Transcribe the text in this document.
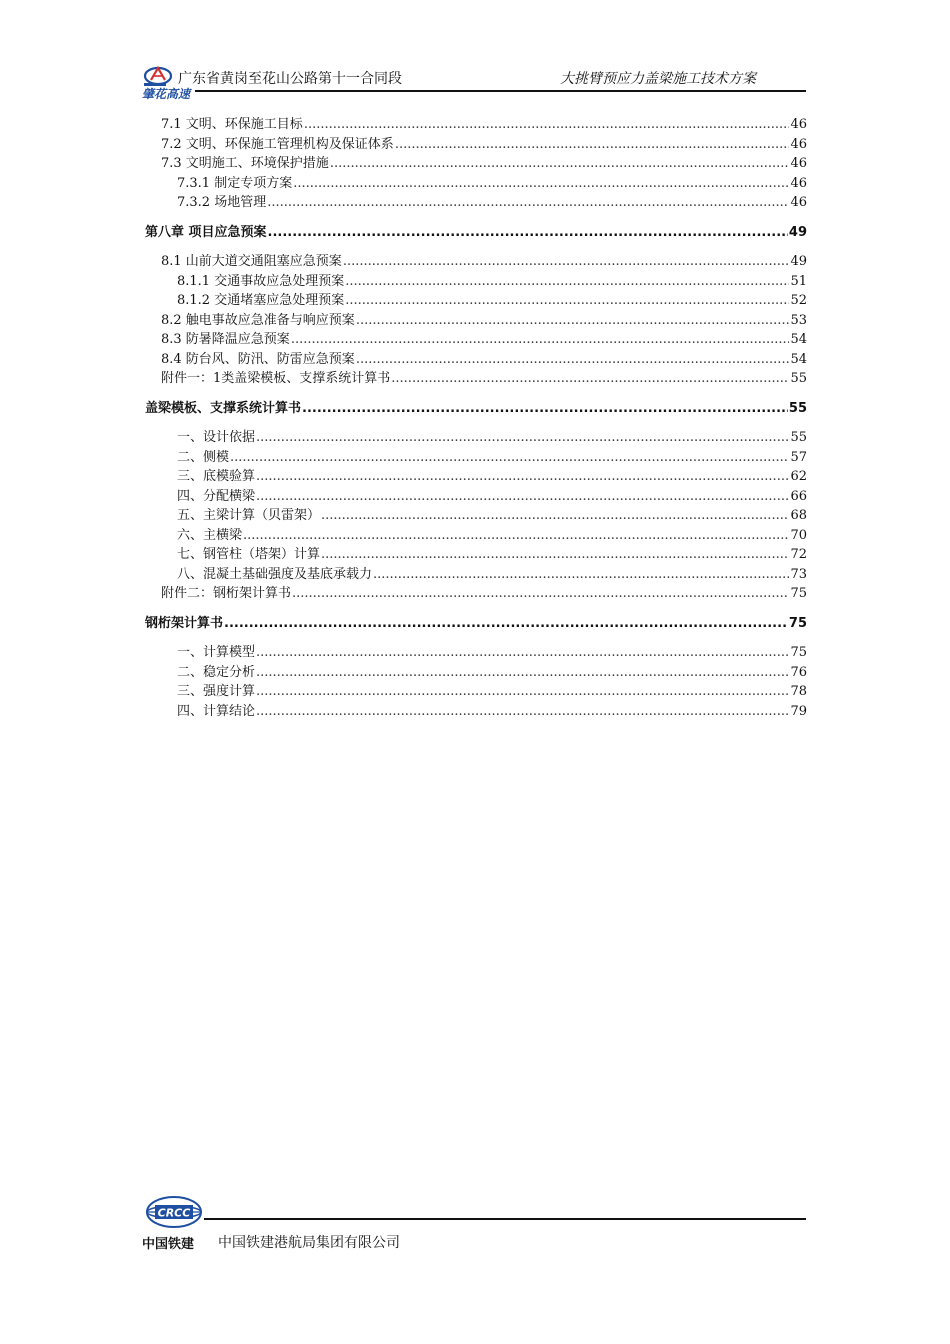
肇花高速
广东省黄岗至花山公路第十一合同段	大挑臂预应力盖梁施工技术方案
7.1 文明、环保施工目标 .....	46
7.2 文明、环保施工管理机构及保证体系 .....	46
7.3 文明施工、环境保护措施 .....	46
7.3.1 制定专项方案 .....	46
7.3.2 场地管理 .....	46
第八章 项目应急预案 .....	49
8.1 山前大道交通阻塞应急预案 .....	49
8.1.1 交通事故应急处理预案 .....	51
8.1.2 交通堵塞应急处理预案 .....	52
8.2 触电事故应急准备与响应预案 .....	53
8.3 防暑降温应急预案 .....	54
8.4 防台风、防汛、防雷应急预案 .....	54
附件一：1类盖梁模板、支撑系统计算书 .....	55
盖梁模板、支撑系统计算书 .....	55
一、设计依据 .....	55
二、侧模 .....	57
三、底模验算 .....	62
四、分配横梁 .....	66
五、主梁计算（贝雷架） .....	68
六、主横梁 .....	70
七、钢管柱（塔架）计算 .....	72
八、混凝土基础强度及基底承载力 .....	73
附件二：钢桁架计算书 .....	75
钢桁架计算书 .....	75
一、计算模型 .....	75
二、稳定分析 .....	76
三、强度计算 .....	78
四、计算结论 .....	79
CRCC
中国铁建 中国铁建港航局集团有限公司
